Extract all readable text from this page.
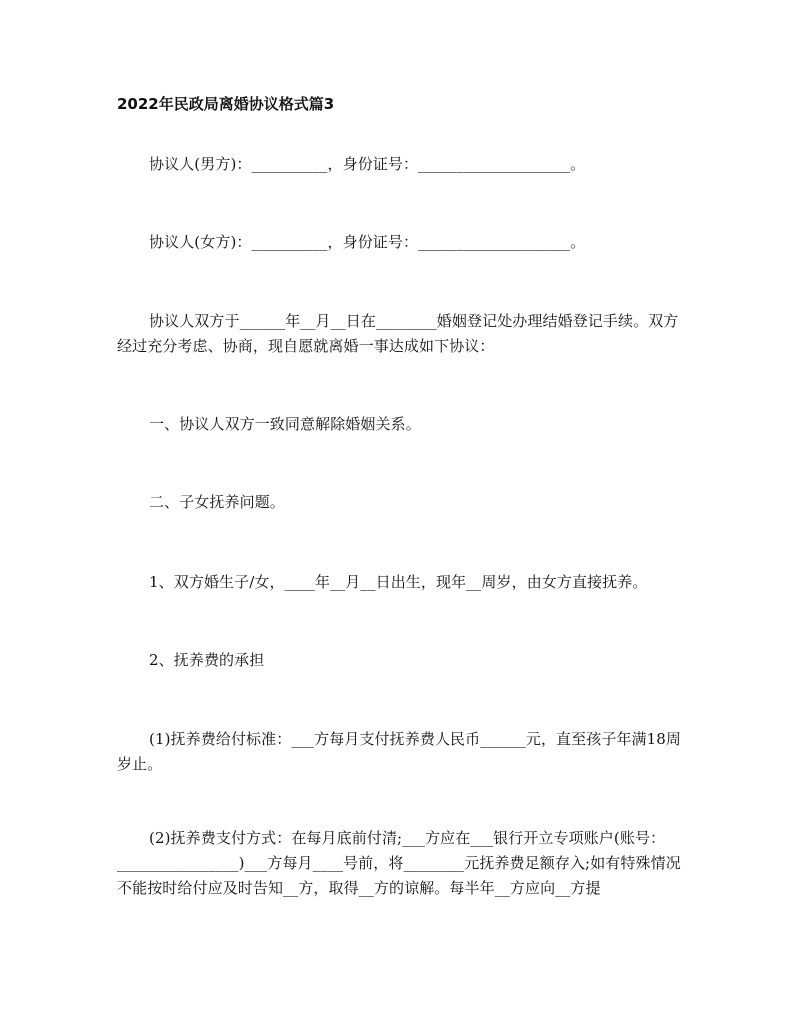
2022年民政局离婚协议格式篇3
协议人(男方)：__________，身份证号：____________________。
协议人(女方)：__________，身份证号：____________________。
协议人双方于______年__月__日在________婚姻登记处办理结婚登记手续。双方经过充分考虑、协商，现自愿就离婚一事达成如下协议：
一、协议人双方一致同意解除婚姻关系。
二、子女抚养问题。
1、双方婚生子/女，____年__月__日出生，现年__周岁，由女方直接抚养。
2、抚养费的承担
(1)抚养费给付标准：___方每月支付抚养费人民币______元，直至孩子年满18周岁止。
(2)抚养费支付方式：在每月底前付清;___方应在___银行开立专项账户(账号：________________)___方每月____号前，将________元抚养费足额存入;如有特殊情况不能按时给付应及时告知__方，取得__方的谅解。每半年__方应向__方提
